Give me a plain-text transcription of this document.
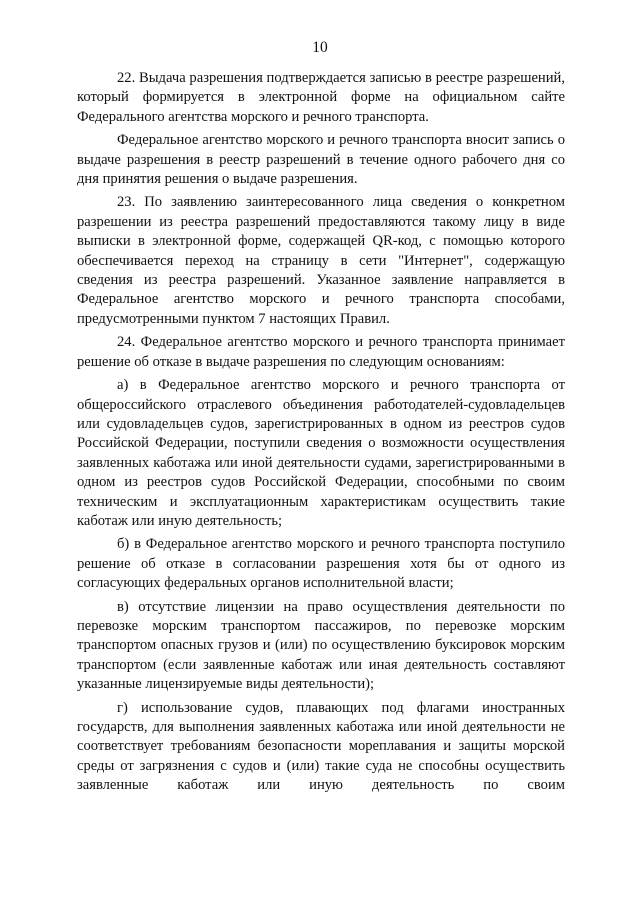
10

22. Выдача разрешения подтверждается записью в реестре разрешений, который формируется в электронной форме на официальном сайте Федерального агентства морского и речного транспорта.

Федеральное агентство морского и речного транспорта вносит запись о выдаче разрешения в реестр разрешений в течение одного рабочего дня со дня принятия решения о выдаче разрешения.

23. По заявлению заинтересованного лица сведения о конкретном разрешении из реестра разрешений предоставляются такому лицу в виде выписки в электронной форме, содержащей QR-код, с помощью которого обеспечивается переход на страницу в сети "Интернет", содержащую сведения из реестра разрешений. Указанное заявление направляется в Федеральное агентство морского и речного транспорта способами, предусмотренными пунктом 7 настоящих Правил.

24. Федеральное агентство морского и речного транспорта принимает решение об отказе в выдаче разрешения по следующим основаниям:

а) в Федеральное агентство морского и речного транспорта от общероссийского отраслевого объединения работодателей-судовладельцев или судовладельцев судов, зарегистрированных в одном из реестров судов Российской Федерации, поступили сведения о возможности осуществления заявленных каботажа или иной деятельности судами, зарегистрированными в одном из реестров судов Российской Федерации, способными по своим техническим и эксплуатационным характеристикам осуществить такие каботаж или иную деятельность;

б) в Федеральное агентство морского и речного транспорта поступило решение об отказе в согласовании разрешения хотя бы от одного из согласующих федеральных органов исполнительной власти;

в) отсутствие лицензии на право осуществления деятельности по перевозке морским транспортом пассажиров, по перевозке морским транспортом опасных грузов и (или) по осуществлению буксировок морским транспортом (если заявленные каботаж или иная деятельность составляют указанные лицензируемые виды деятельности);

г) использование судов, плавающих под флагами иностранных государств, для выполнения заявленных каботажа или иной деятельности не соответствует требованиям безопасности мореплавания и защиты морской среды от загрязнения с судов и (или) такие суда не способны осуществить заявленные каботаж или иную деятельность по своим
